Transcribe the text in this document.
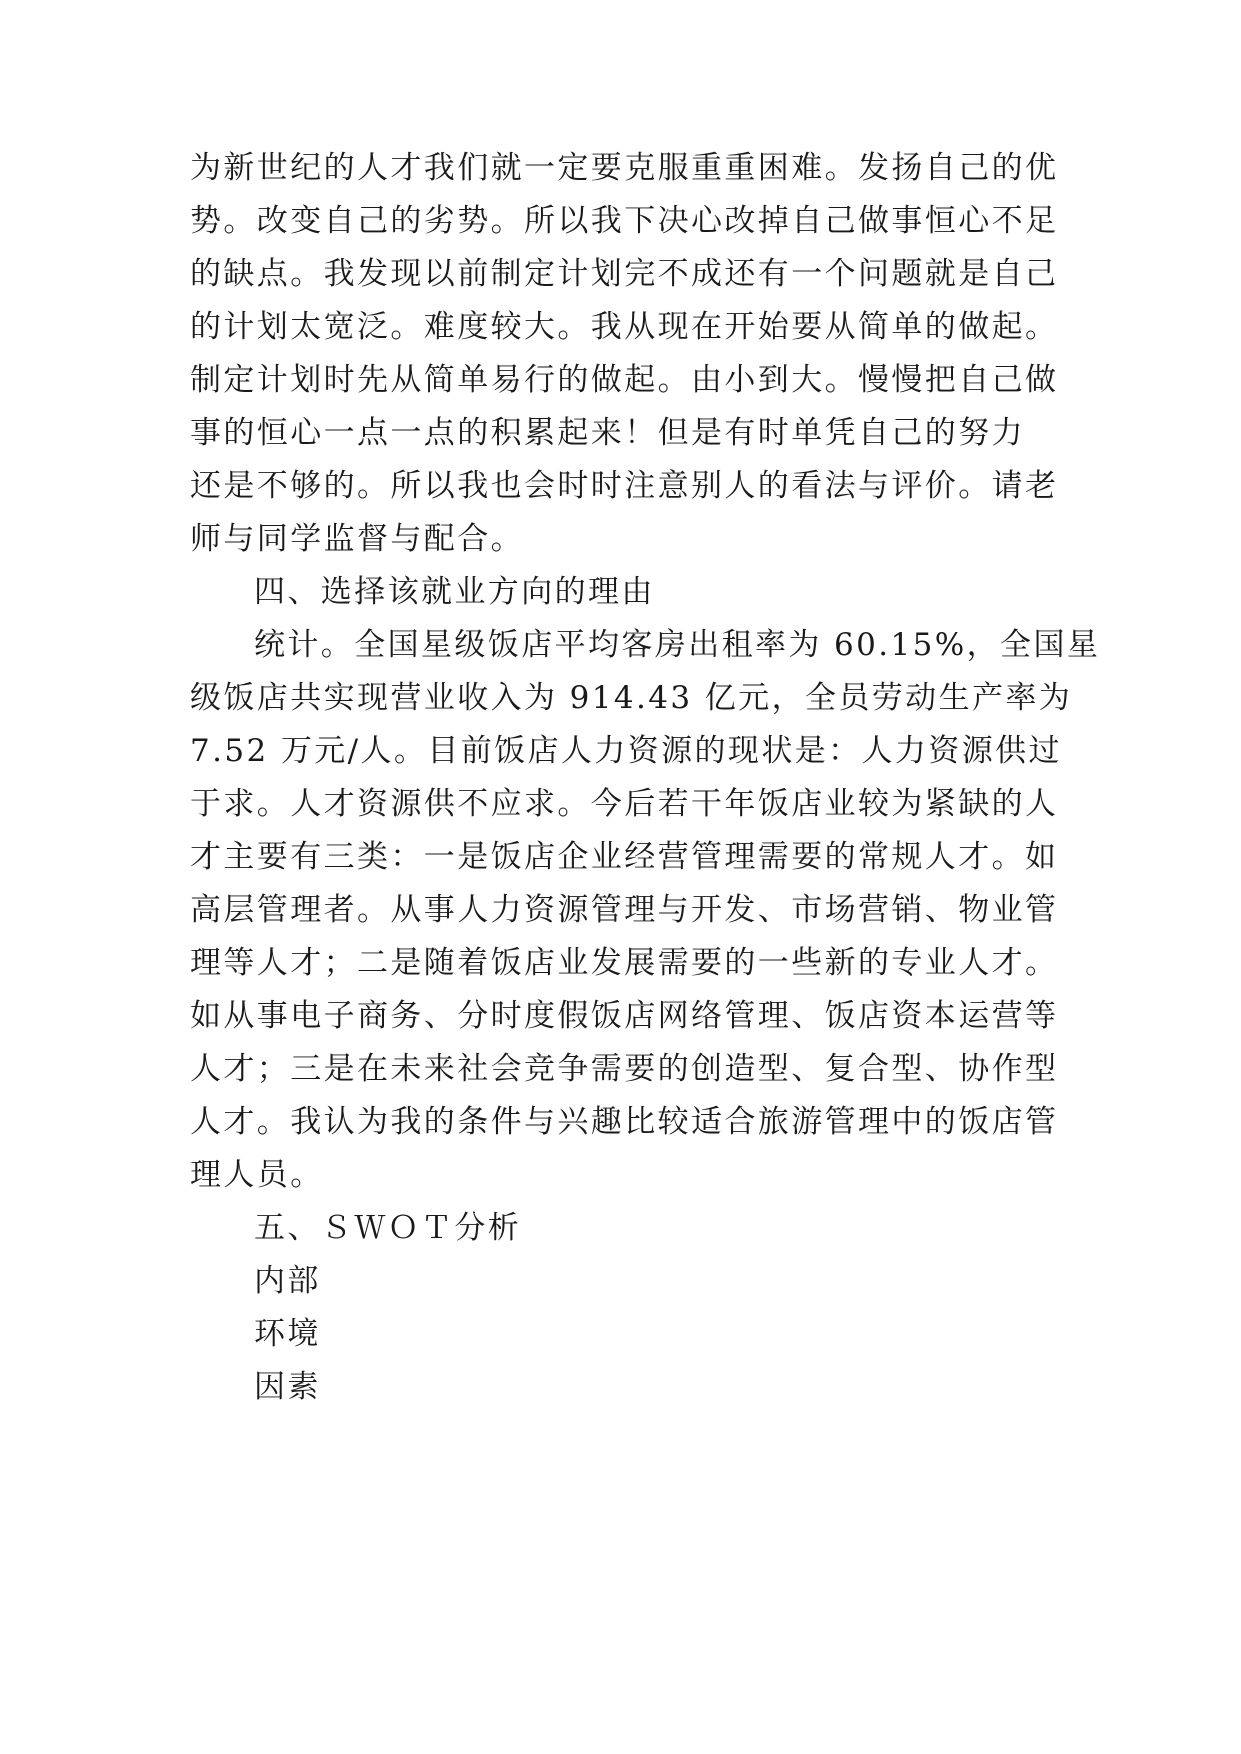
为新世纪的人才我们就一定要克服重重困难。发扬自己的优
势。改变自己的劣势。所以我下决心改掉自己做事恒心不足
的缺点。我发现以前制定计划完不成还有一个问题就是自己
的计划太宽泛。难度较大。我从现在开始要从简单的做起。
制定计划时先从简单易行的做起。由小到大。慢慢把自己做
事的恒心一点一点的积累起来！但是有时单凭自己的努力
还是不够的。所以我也会时时注意别人的看法与评价。请老
师与同学监督与配合。
四、选择该就业方向的理由
统计。全国星级饭店平均客房出租率为 60.15%，全国星
级饭店共实现营业收入为 914.43 亿元，全员劳动生产率为
7.52 万元/人。目前饭店人力资源的现状是：人力资源供过
于求。人才资源供不应求。今后若干年饭店业较为紧缺的人
才主要有三类：一是饭店企业经营管理需要的常规人才。如
高层管理者。从事人力资源管理与开发、市场营销、物业管
理等人才；二是随着饭店业发展需要的一些新的专业人才。
如从事电子商务、分时度假饭店网络管理、饭店资本运营等
人才；三是在未来社会竞争需要的创造型、复合型、协作型
人才。我认为我的条件与兴趣比较适合旅游管理中的饭店管
理人员。
五、ＳＷＯＴ分析
内部
环境
因素
